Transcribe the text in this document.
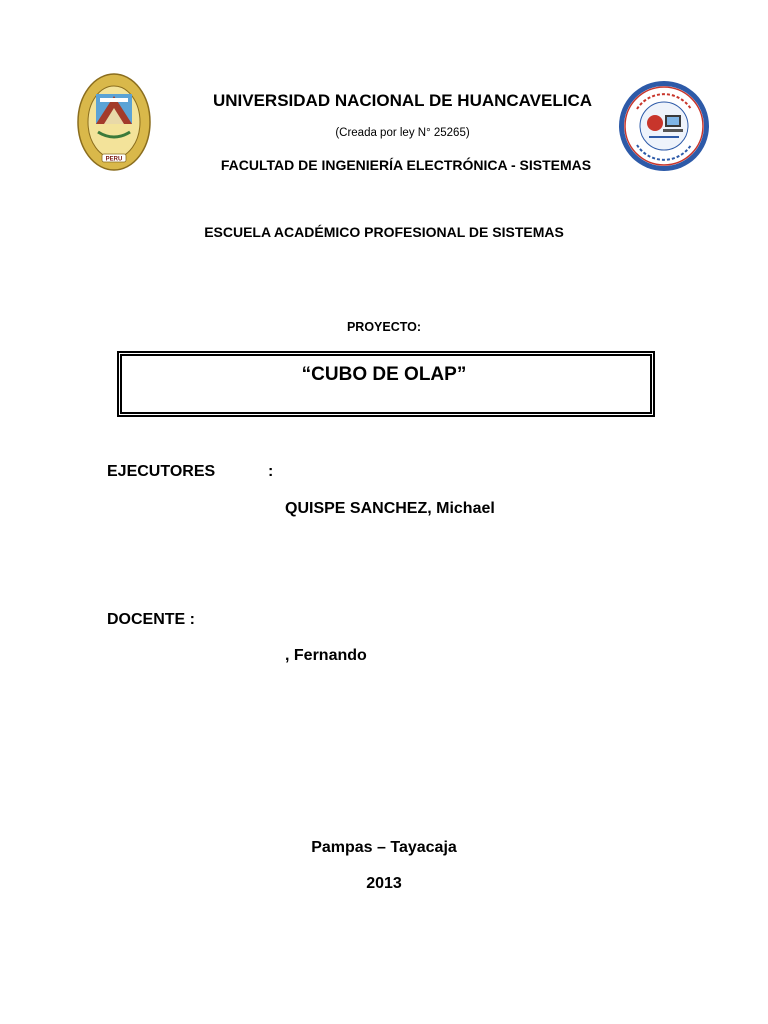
PERU
UNIVERSIDAD NACIONAL DE HUANCAVELICA
(Creada por ley N° 25265)
FACULTAD DE INGENIERÍA ELECTRÓNICA - SISTEMAS
ESCUELA ACADÉMICO PROFESIONAL DE SISTEMAS
PROYECTO:
“CUBO DE OLAP”
EJECUTORES	:
QUISPE SANCHEZ, Michael
DOCENTE :
, Fernando
Pampas – Tayacaja
2013
